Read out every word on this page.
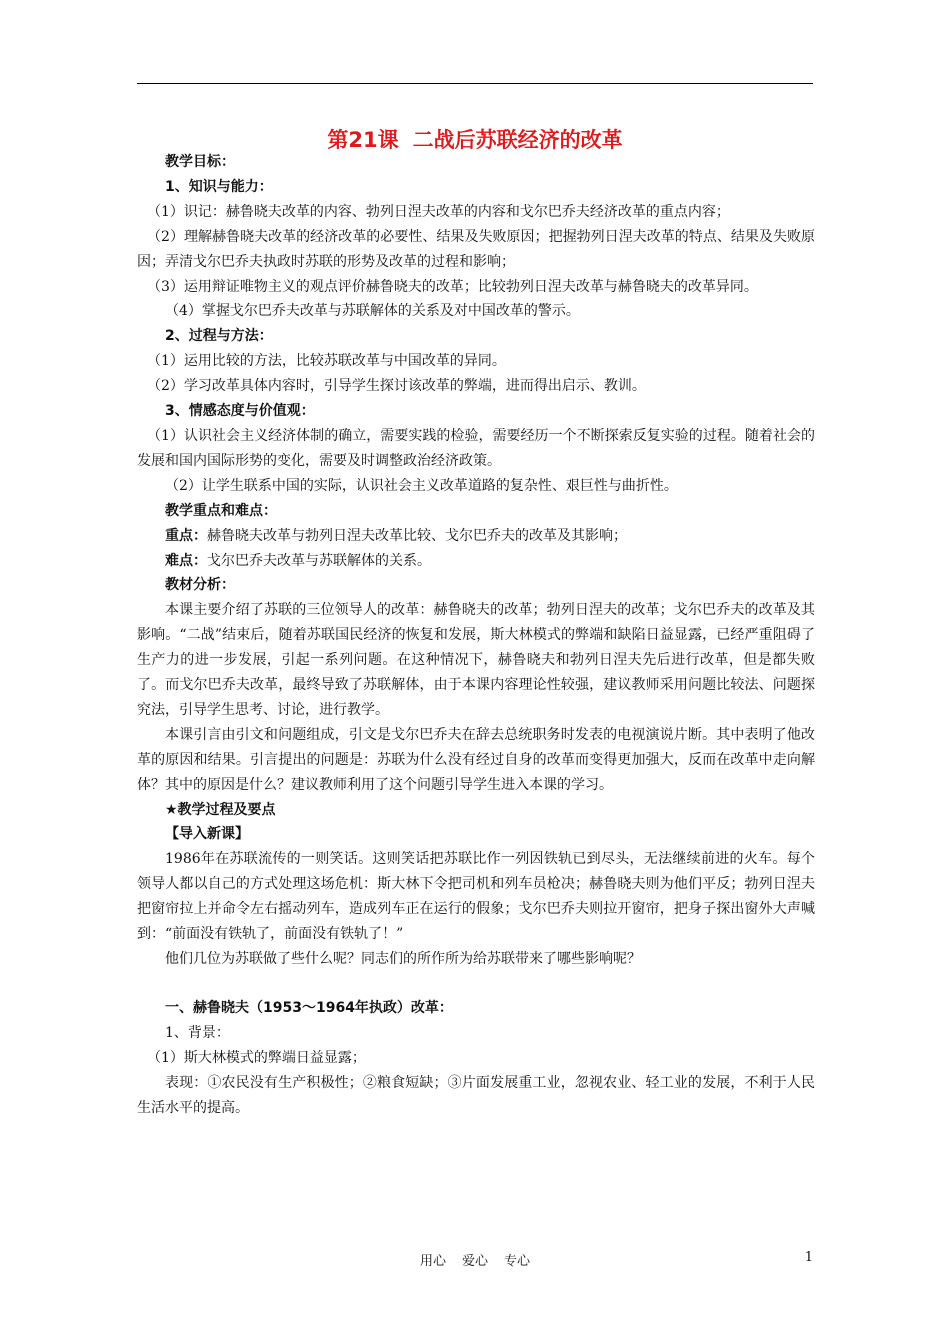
第21课 二战后苏联经济的改革

教学目标：

1、知识与能力：

（1）识记：赫鲁晓夫改革的内容、勃列日涅夫改革的内容和戈尔巴乔夫经济改革的重点内容；

（2）理解赫鲁晓夫改革的经济改革的必要性、结果及失败原因；把握勃列日涅夫改革的特点、结果及失败原因；弄清戈尔巴乔夫执政时苏联的形势及改革的过程和影响；

（3）运用辩证唯物主义的观点评价赫鲁晓夫的改革；比较勃列日涅夫改革与赫鲁晓夫的改革异同。

（4）掌握戈尔巴乔夫改革与苏联解体的关系及对中国改革的警示。

2、过程与方法：

（1）运用比较的方法，比较苏联改革与中国改革的异同。

（2）学习改革具体内容时，引导学生探讨该改革的弊端，进而得出启示、教训。

3、情感态度与价值观：

（1）认识社会主义经济体制的确立，需要实践的检验，需要经历一个不断探索反复实验的过程。随着社会的发展和国内国际形势的变化，需要及时调整政治经济政策。

（2）让学生联系中国的实际，认识社会主义改革道路的复杂性、艰巨性与曲折性。

教学重点和难点：

重点：赫鲁晓夫改革与勃列日涅夫改革比较、戈尔巴乔夫的改革及其影响；

难点：戈尔巴乔夫改革与苏联解体的关系。

教材分析：

本课主要介绍了苏联的三位领导人的改革：赫鲁晓夫的改革；勃列日涅夫的改革；戈尔巴乔夫的改革及其影响。“二战”结束后，随着苏联国民经济的恢复和发展，斯大林模式的弊端和缺陷日益显露，已经严重阻碍了生产力的进一步发展，引起一系列问题。在这种情况下，赫鲁晓夫和勃列日涅夫先后进行改革，但是都失败了。而戈尔巴乔夫改革，最终导致了苏联解体，由于本课内容理论性较强，建议教师采用问题比较法、问题探究法，引导学生思考、讨论，进行教学。

本课引言由引文和问题组成，引文是戈尔巴乔夫在辞去总统职务时发表的电视演说片断。其中表明了他改革的原因和结果。引言提出的问题是：苏联为什么没有经过自身的改革而变得更加强大，反而在改革中走向解体？其中的原因是什么？建议教师利用了这个问题引导学生进入本课的学习。

★教学过程及要点

【导入新课】

1986年在苏联流传的一则笑话。这则笑话把苏联比作一列因铁轨已到尽头，无法继续前进的火车。每个领导人都以自己的方式处理这场危机：斯大林下令把司机和列车员枪决；赫鲁晓夫则为他们平反；勃列日涅夫把窗帘拉上并命令左右摇动列车，造成列车正在运行的假象；戈尔巴乔夫则拉开窗帘，把身子探出窗外大声喊到：“前面没有铁轨了，前面没有铁轨了！”

他们几位为苏联做了些什么呢？同志们的所作所为给苏联带来了哪些影响呢？

一、赫鲁晓夫（1953～1964年执政）改革：

1、背景：

（1）斯大林模式的弊端日益显露；

表现：①农民没有生产积极性；②粮食短缺；③片面发展重工业，忽视农业、轻工业的发展，不利于人民生活水平的提高。

用心 爱心 专心	1
